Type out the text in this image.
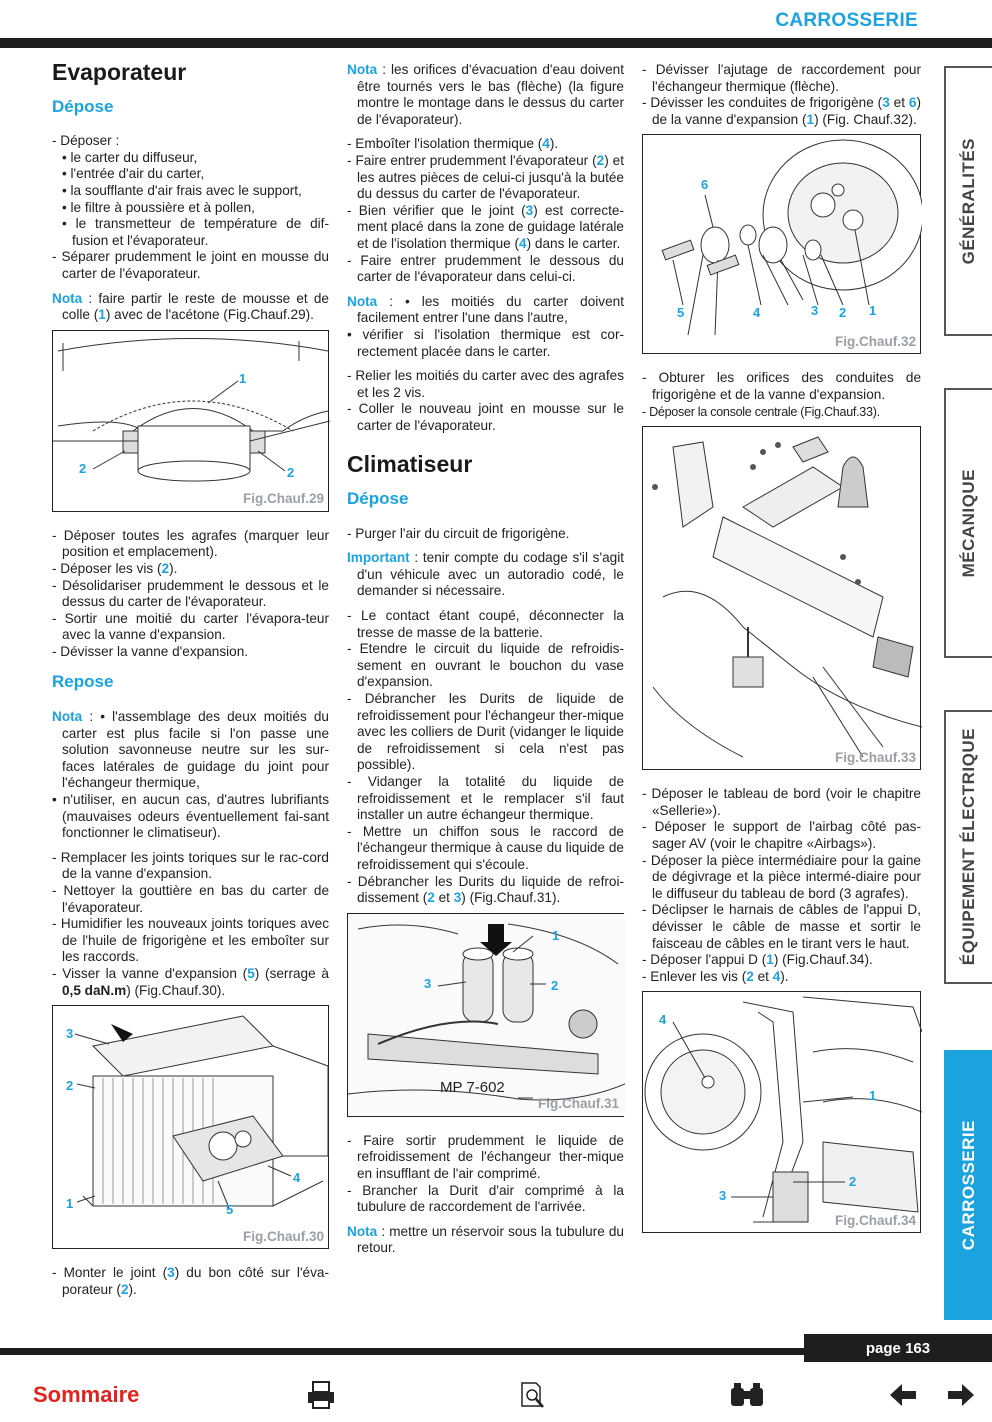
CARROSSERIE
Evaporateur
Dépose

- Déposer :

• le carter du diffuseur,

• l'entrée d'air du carter,

• la soufflante d'air frais avec le support,

• le filtre à poussière et à pollen,

• le transmetteur de température de dif-fusion et l'évaporateur.

- Séparer prudemment le joint en mousse du carter de l'évaporateur.

Nota : faire partir le reste de mousse et de colle (1) avec de l'acétone (Fig.Chauf.29).

1
2	2
Fig.Chauf.29

- Déposer toutes les agrafes (marquer leur position et emplacement).

- Déposer les vis (2).

- Désolidariser prudemment le dessous et le dessus du carter de l'évaporateur.

- Sortir une moitié du carter l'évapora-teur avec la vanne d'expansion.

- Dévisser la vanne d'expansion.

Repose

Nota : • l'assemblage des deux moitiés du carter est plus facile si l'on passe une solution savonneuse neutre sur les sur-faces latérales de guidage du joint pour l'échangeur thermique,

• n'utiliser, en aucun cas, d'autres lubrifiants (mauvaises odeurs éventuellement fai-sant fonctionner le climatiseur).

- Remplacer les joints toriques sur le rac-cord de la vanne d'expansion.

- Nettoyer la gouttière en bas du carter de l'évaporateur.

- Humidifier les nouveaux joints toriques avec de l'huile de frigorigène et les emboîter sur les raccords.

- Visser la vanne d'expansion (5) (serrage à 0,5 daN.m) (Fig.Chauf.30).

3
2
1
4
5
Fig.Chauf.30

- Monter le joint (3) du bon côté sur l'éva-porateur (2).

Nota : les orifices d'évacuation d'eau doivent être tournés vers le bas (flèche) (la figure montre le montage dans le dessus du carter de l'évaporateur).

- Emboîter l'isolation thermique (4).

- Faire entrer prudemment l'évaporateur (2) et les autres pièces de celui-ci jusqu'à la butée du dessus du carter de l'évaporateur.

- Bien vérifier que le joint (3) est correcte-ment placé dans la zone de guidage latérale et de l'isolation thermique (4) dans le carter.

- Faire entrer prudemment le dessous du carter de l'évaporateur dans celui-ci.

Nota : • les moitiés du carter doivent facilement entrer l'une dans l'autre,

• vérifier si l'isolation thermique est cor-rectement placée dans le carter.

- Relier les moitiés du carter avec des agrafes et les 2 vis.

- Coller le nouveau joint en mousse sur le carter de l'évaporateur.

Climatiseur
Dépose

- Purger l'air du circuit de frigorigène.

Important : tenir compte du codage s'il s'agit d'un véhicule avec un autoradio codé, le demander si nécessaire.

- Le contact étant coupé, déconnecter la tresse de masse de la batterie.

- Etendre le circuit du liquide de refroidis-sement en ouvrant le bouchon du vase d'expansion.

- Débrancher les Durits de liquide de refroidissement pour l'échangeur ther-mique avec les colliers de Durit (vidanger le liquide de refroidissement si cela n'est pas possible).

- Vidanger la totalité du liquide de refroidissement et le remplacer s'il faut installer un autre échangeur thermique.

- Mettre un chiffon sous le raccord de l'échangeur thermique à cause du liquide de refroidissement qui s'écoule.

- Débrancher les Durits du liquide de refroi-dissement (2 et 3) (Fig.Chauf.31).

1
3	2
MP 7-602
Fig.Chauf.31

- Faire sortir prudemment le liquide de refroidissement de l'échangeur ther-mique en insufflant de l'air comprimé.

- Brancher la Durit d'air comprimé à la tubulure de raccordement de l'arrivée.

Nota : mettre un réservoir sous la tubulure du retour.

- Dévisser l'ajutage de raccordement pour l'échangeur thermique (flèche).

- Dévisser les conduites de frigorigène (3 et 6) de la vanne d'expansion (1) (Fig. Chauf.32).

6
5	4	3 2 1
Fig.Chauf.32

- Obturer les orifices des conduites de frigorigène et de la vanne d'expansion.

- Déposer la console centrale (Fig.Chauf.33).

Fig.Chauf.33

- Déposer le tableau de bord (voir le chapitre «Sellerie»).

- Déposer le support de l'airbag côté pas-sager AV (voir le chapitre «Airbags»).

- Déposer la pièce intermédiaire pour la gaine de dégivrage et la pièce intermé-diaire pour le diffuseur du tableau de bord (3 agrafes).

- Déclipser le harnais de câbles de l'appui D, dévisser le câble de masse et sortir le faisceau de câbles en le tirant vers le haut.

- Déposer l'appui D (1) (Fig.Chauf.34).

- Enlever les vis (2 et 4).

4
1
2
3
Fig.Chauf.34
GÉNÉRALITÉS
MÉCANIQUE
ÉQUIPEMENT ÉLECTRIQUE
CARROSSERIE
page 163
Sommaire
